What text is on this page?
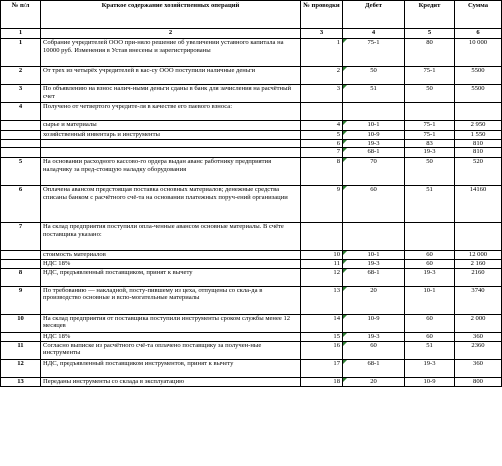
№ п/л	Краткое содержание хозяйственных операций	№ проводки	Дебет	Кредит	Сумма
1	2	3	4	5	6
1	Собрание учредителей ООО при-няло решение об увеличении уставного капитала на 10000 руб. Изменения в Устав внесены и зарегистрированы	1	75-1	80	10 000
2	От трех из четырёх учредителей в кас-су ООО поступили наличные деньги	2	50	75-1	5500
3	По объявлению на взнос налич-ными деньги сданы в банк для зачисления на расчётный счет	3	51	50	5500
4	Получено от четвертого учредите-ля в качестве его паевого взноса:				
	сырье и материалы	4	10-1	75-1	2 950
	хозяйственный инвентарь и инструменты	5	10-9	75-1	1 550
		6	19-3	83	810
		7	68-1	19-3	810
5	На основании расходного кассово-го ордера выдан аванс работнику предприятия наладчику за пред-стоящую наладку оборудования	8	70	50	520
6	Оплачена авансом предстоящая поставка основных материалов; денежные средства списаны банком с расчётного счё-та на основании платежных поруч-ений организации	9	60	51	14160
7	На склад предприятия поступили опла-ченные авансом основные материалы. В счёте поставщика указано:				
	стоимость материалов	10	10-1	60	12 000
	НДС 18%	11	19-3	60	2 160
8	НДС, предъявленный поставщиком, принят к вычету	12	68-1	19-3	2160
9	По требованию — накладной, посту-пившему из цеха, отпущены со скла-да в производство основные и вспо-могательные материалы	13	20	10-1	3740
10	На склад предприятия от поставщика поступили инструменты сроком службы менее 12 месяцев	14	10-9	60	2 000
	НДС 18%	15	19-3	60	360
11	Согласно выписке из расчётного счё-та оплачено поставщику за получен-ные инструменты	16	60	51	2360
12	НДС, предъявленный поставщиком инструментов, принят к вычету	17	68-1	19-3	360
13	Переданы инструменты со склада в эксплуатацию	18	20	10-9	800
